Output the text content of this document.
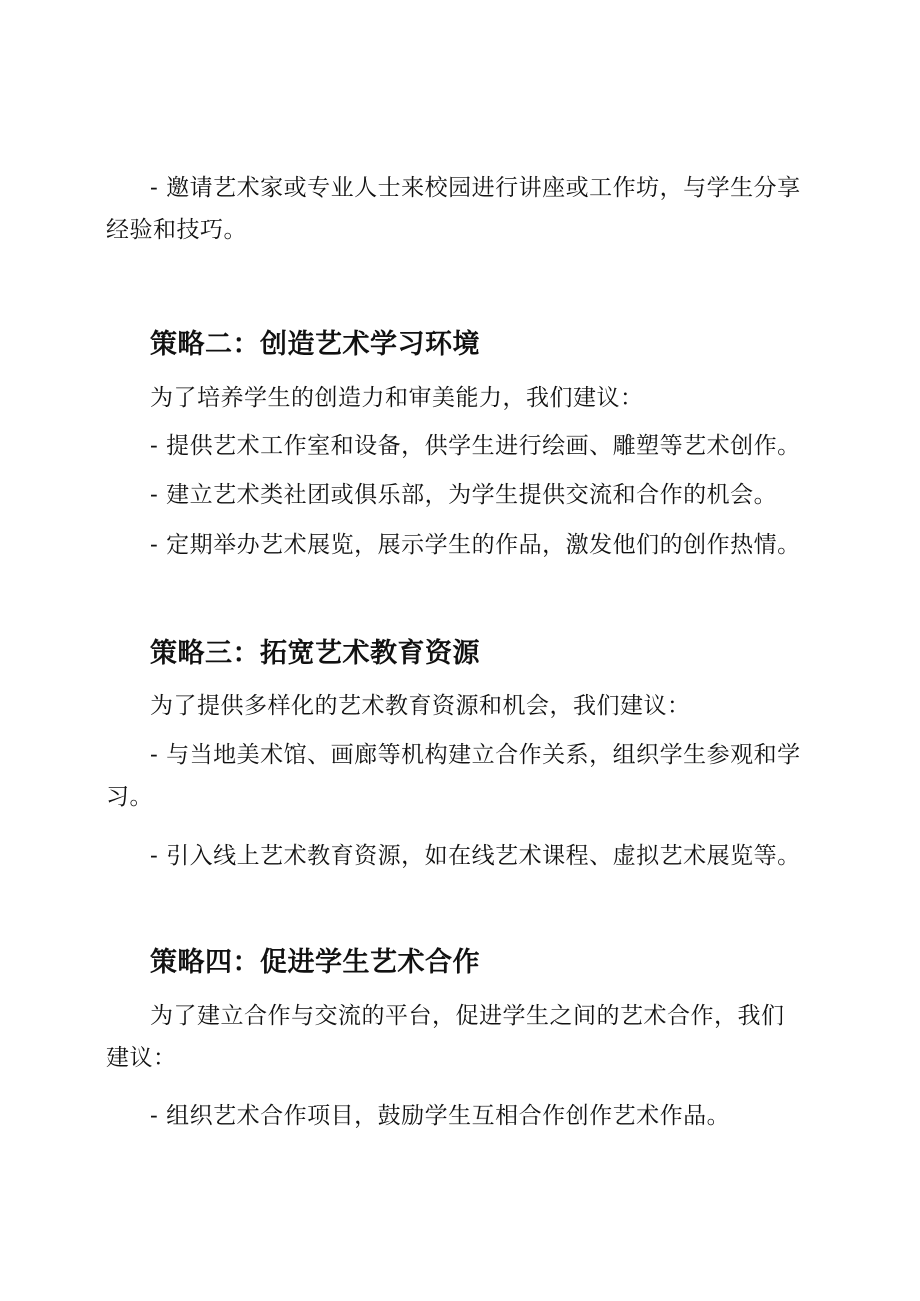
- 邀请艺术家或专业人士来校园进行讲座或工作坊，与学生分享经验和技巧。

策略二：创造艺术学习环境

为了培养学生的创造力和审美能力，我们建议：

- 提供艺术工作室和设备，供学生进行绘画、雕塑等艺术创作。

- 建立艺术类社团或俱乐部，为学生提供交流和合作的机会。

- 定期举办艺术展览，展示学生的作品，激发他们的创作热情。

策略三：拓宽艺术教育资源

为了提供多样化的艺术教育资源和机会，我们建议：

- 与当地美术馆、画廊等机构建立合作关系，组织学生参观和学习。

- 引入线上艺术教育资源，如在线艺术课程、虚拟艺术展览等。

策略四：促进学生艺术合作

为了建立合作与交流的平台，促进学生之间的艺术合作，我们建议：

- 组织艺术合作项目，鼓励学生互相合作创作艺术作品。
